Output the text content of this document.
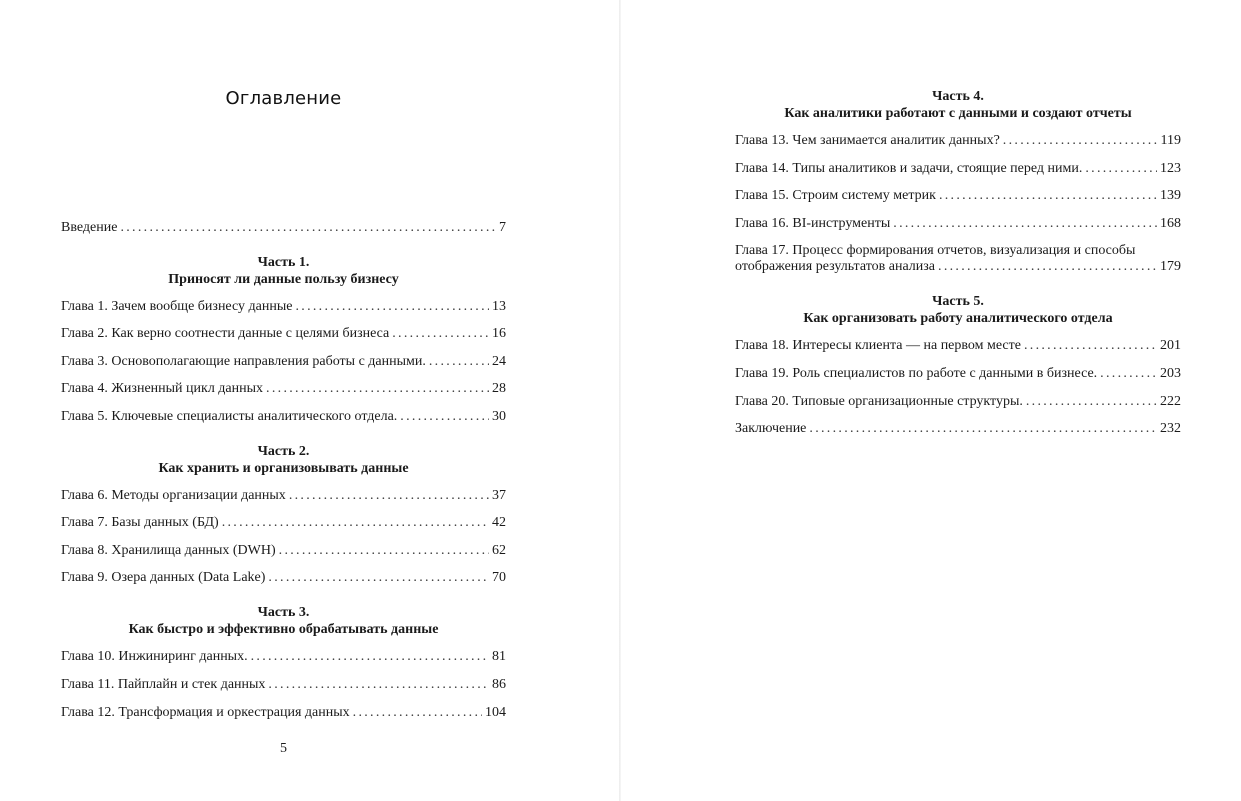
Оглавление
Введение . . .	7
Часть 1.
Приносят ли данные пользу бизнесу
Глава 1. Зачем вообще бизнесу данные . . .	13
Глава 2. Как верно соотнести данные с целями бизнеса . . .	16
Глава 3. Основополагающие направления работы с данными. . . .	24
Глава 4. Жизненный цикл данных . . .	28
Глава 5. Ключевые специалисты аналитического отдела. . . .	30
Часть 2.
Как хранить и организовывать данные
Глава 6. Методы организации данных . . .	37
Глава 7. Базы данных (БД) . . .	42
Глава 8. Хранилища данных (DWH) . . .	62
Глава 9. Озера данных (Data Lake) . . .	70
Часть 3.
Как быстро и эффективно обрабатывать данные
Глава 10. Инжиниринг данных. . . .	81
Глава 11. Пайплайн и стек данных . . .	86
Глава 12. Трансформация и оркестрация данных . . .	104
5
Часть 4.
Как аналитики работают с данными и создают отчеты
Глава 13. Чем занимается аналитик данных? . . .	119
Глава 14. Типы аналитиков и задачи, стоящие перед ними. . . .	123
Глава 15. Строим систему метрик . . .	139
Глава 16. BI-инструменты . . .	168
Глава 17. Процесс формирования отчетов, визуализация и способы
отображения результатов анализа . . .	179
Часть 5.
Как организовать работу аналитического отдела
Глава 18. Интересы клиента — на первом месте . . .	201
Глава 19. Роль специалистов по работе с данными в бизнесе. . . .	203
Глава 20. Типовые организационные структуры. . . .	222
Заключение . . .	232
